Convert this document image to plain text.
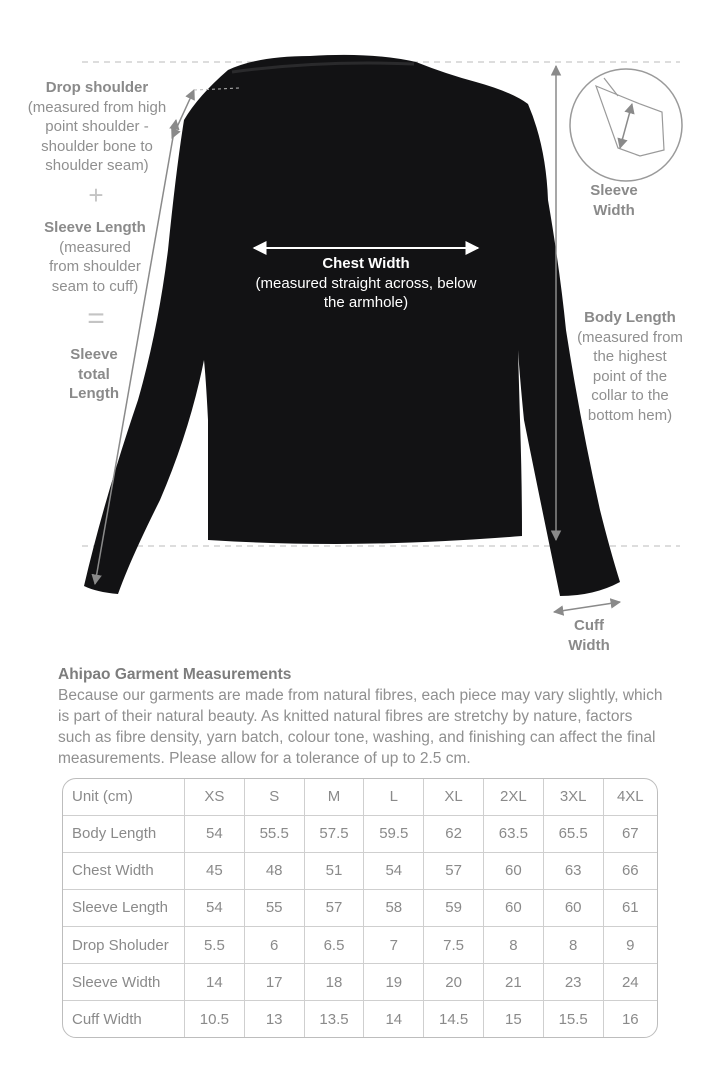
Drop shoulder
(measured from high
point shoulder -
shoulder bone to
shoulder seam)
+
Sleeve Length
(measured
from shoulder
seam to cuff)
=
Sleeve
total
Length
Sleeve
Width
Body Length
(measured from
the highest
point of the
collar to the
bottom hem)
Cuff
Width
Chest Width
(measured straight across, below
the armhole)
Ahipao Garment Measurements

Because our garments are made from natural fibres, each piece may vary slightly, which is part of their natural beauty. As knitted natural fibres are stretchy by nature, factors such as fibre density, yarn batch, colour tone, washing, and finishing can affect the final measurements. Please allow for a tolerance of up to 2.5 cm.

Unit (cm)	XS	S	M	L	XL	2XL	3XL	4XL
Body Length	54	55.5	57.5	59.5	62	63.5	65.5	67
Chest Width	45	48	51	54	57	60	63	66
Sleeve Length	54	55	57	58	59	60	60	61
Drop Sholuder	5.5	6	6.5	7	7.5	8	8	9
Sleeve Width	14	17	18	19	20	21	23	24
Cuff Width	10.5	13	13.5	14	14.5	15	15.5	16
